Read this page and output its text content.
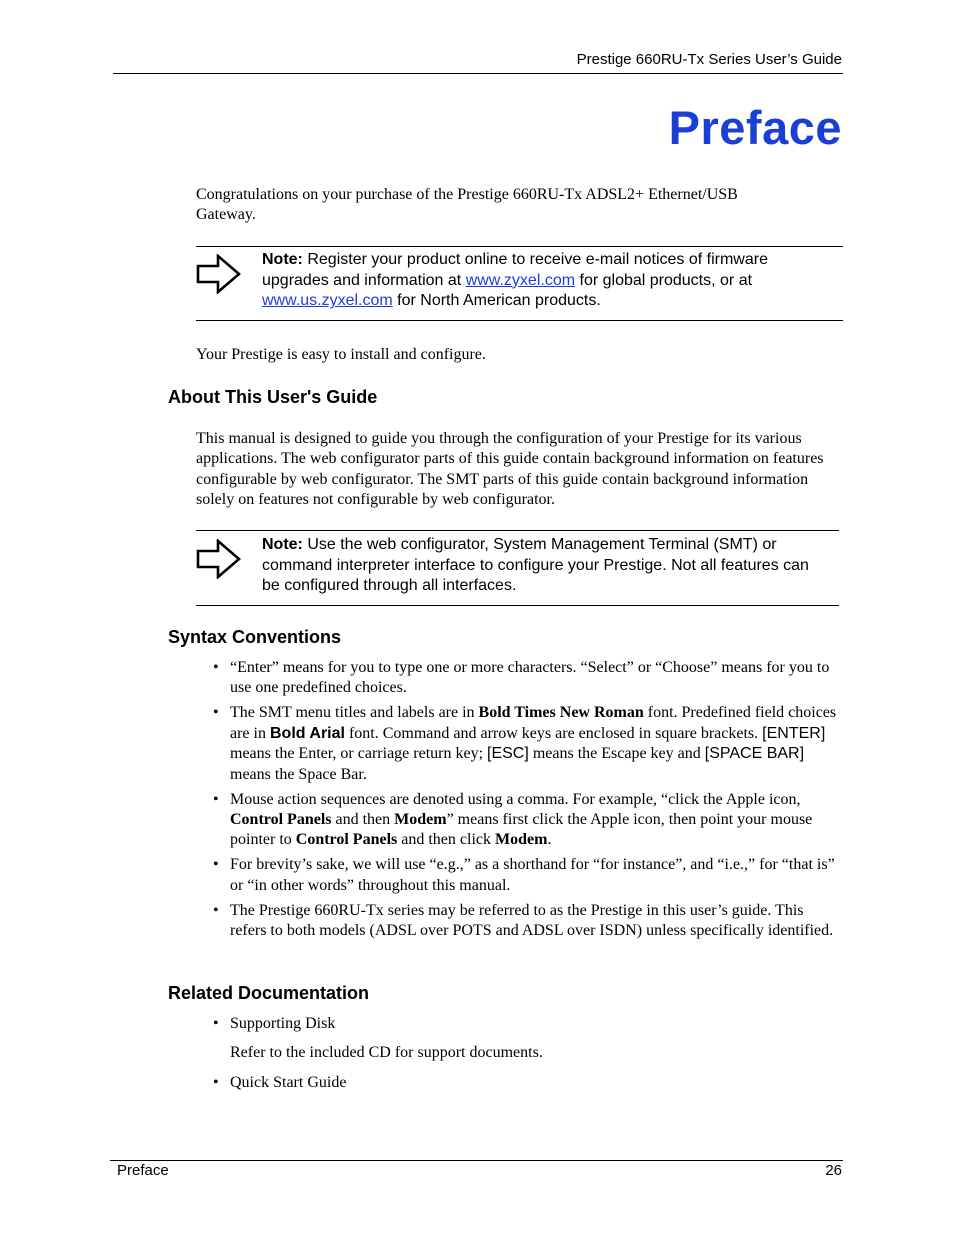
Prestige 660RU-Tx Series User’s Guide
Preface
Congratulations on your purchase of the Prestige 660RU-Tx ADSL2+ Ethernet/USB
Gateway.
Note: Register your product online to receive e-mail notices of firmware upgrades and information at www.zyxel.com for global products, or at www.us.zyxel.com for North American products.
Your Prestige is easy to install and configure.
About This User's Guide
This manual is designed to guide you through the configuration of your Prestige for its various applications. The web configurator parts of this guide contain background information on features configurable by web configurator. The SMT parts of this guide contain background information solely on features not configurable by web configurator.
Note: Use the web configurator, System Management Terminal (SMT) or command interpreter interface to configure your Prestige. Not all features can be configured through all interfaces.
Syntax Conventions
• “Enter” means for you to type one or more characters. “Select” or “Choose” means for you to use one predefined choices.
• The SMT menu titles and labels are in Bold Times New Roman font. Predefined field choices are in Bold Arial font. Command and arrow keys are enclosed in square brackets. [ENTER] means the Enter, or carriage return key; [ESC] means the Escape key and [SPACE BAR] means the Space Bar.
• Mouse action sequences are denoted using a comma. For example, “click the Apple icon, Control Panels and then Modem” means first click the Apple icon, then point your mouse pointer to Control Panels and then click Modem.
• For brevity’s sake, we will use “e.g.,” as a shorthand for “for instance”, and “i.e.,” for “that is” or “in other words” throughout this manual.
• The Prestige 660RU-Tx series may be referred to as the Prestige in this user’s guide. This refers to both models (ADSL over POTS and ADSL over ISDN) unless specifically identified.
Related Documentation
• Supporting Disk
Refer to the included CD for support documents.
• Quick Start Guide
Preface	26
